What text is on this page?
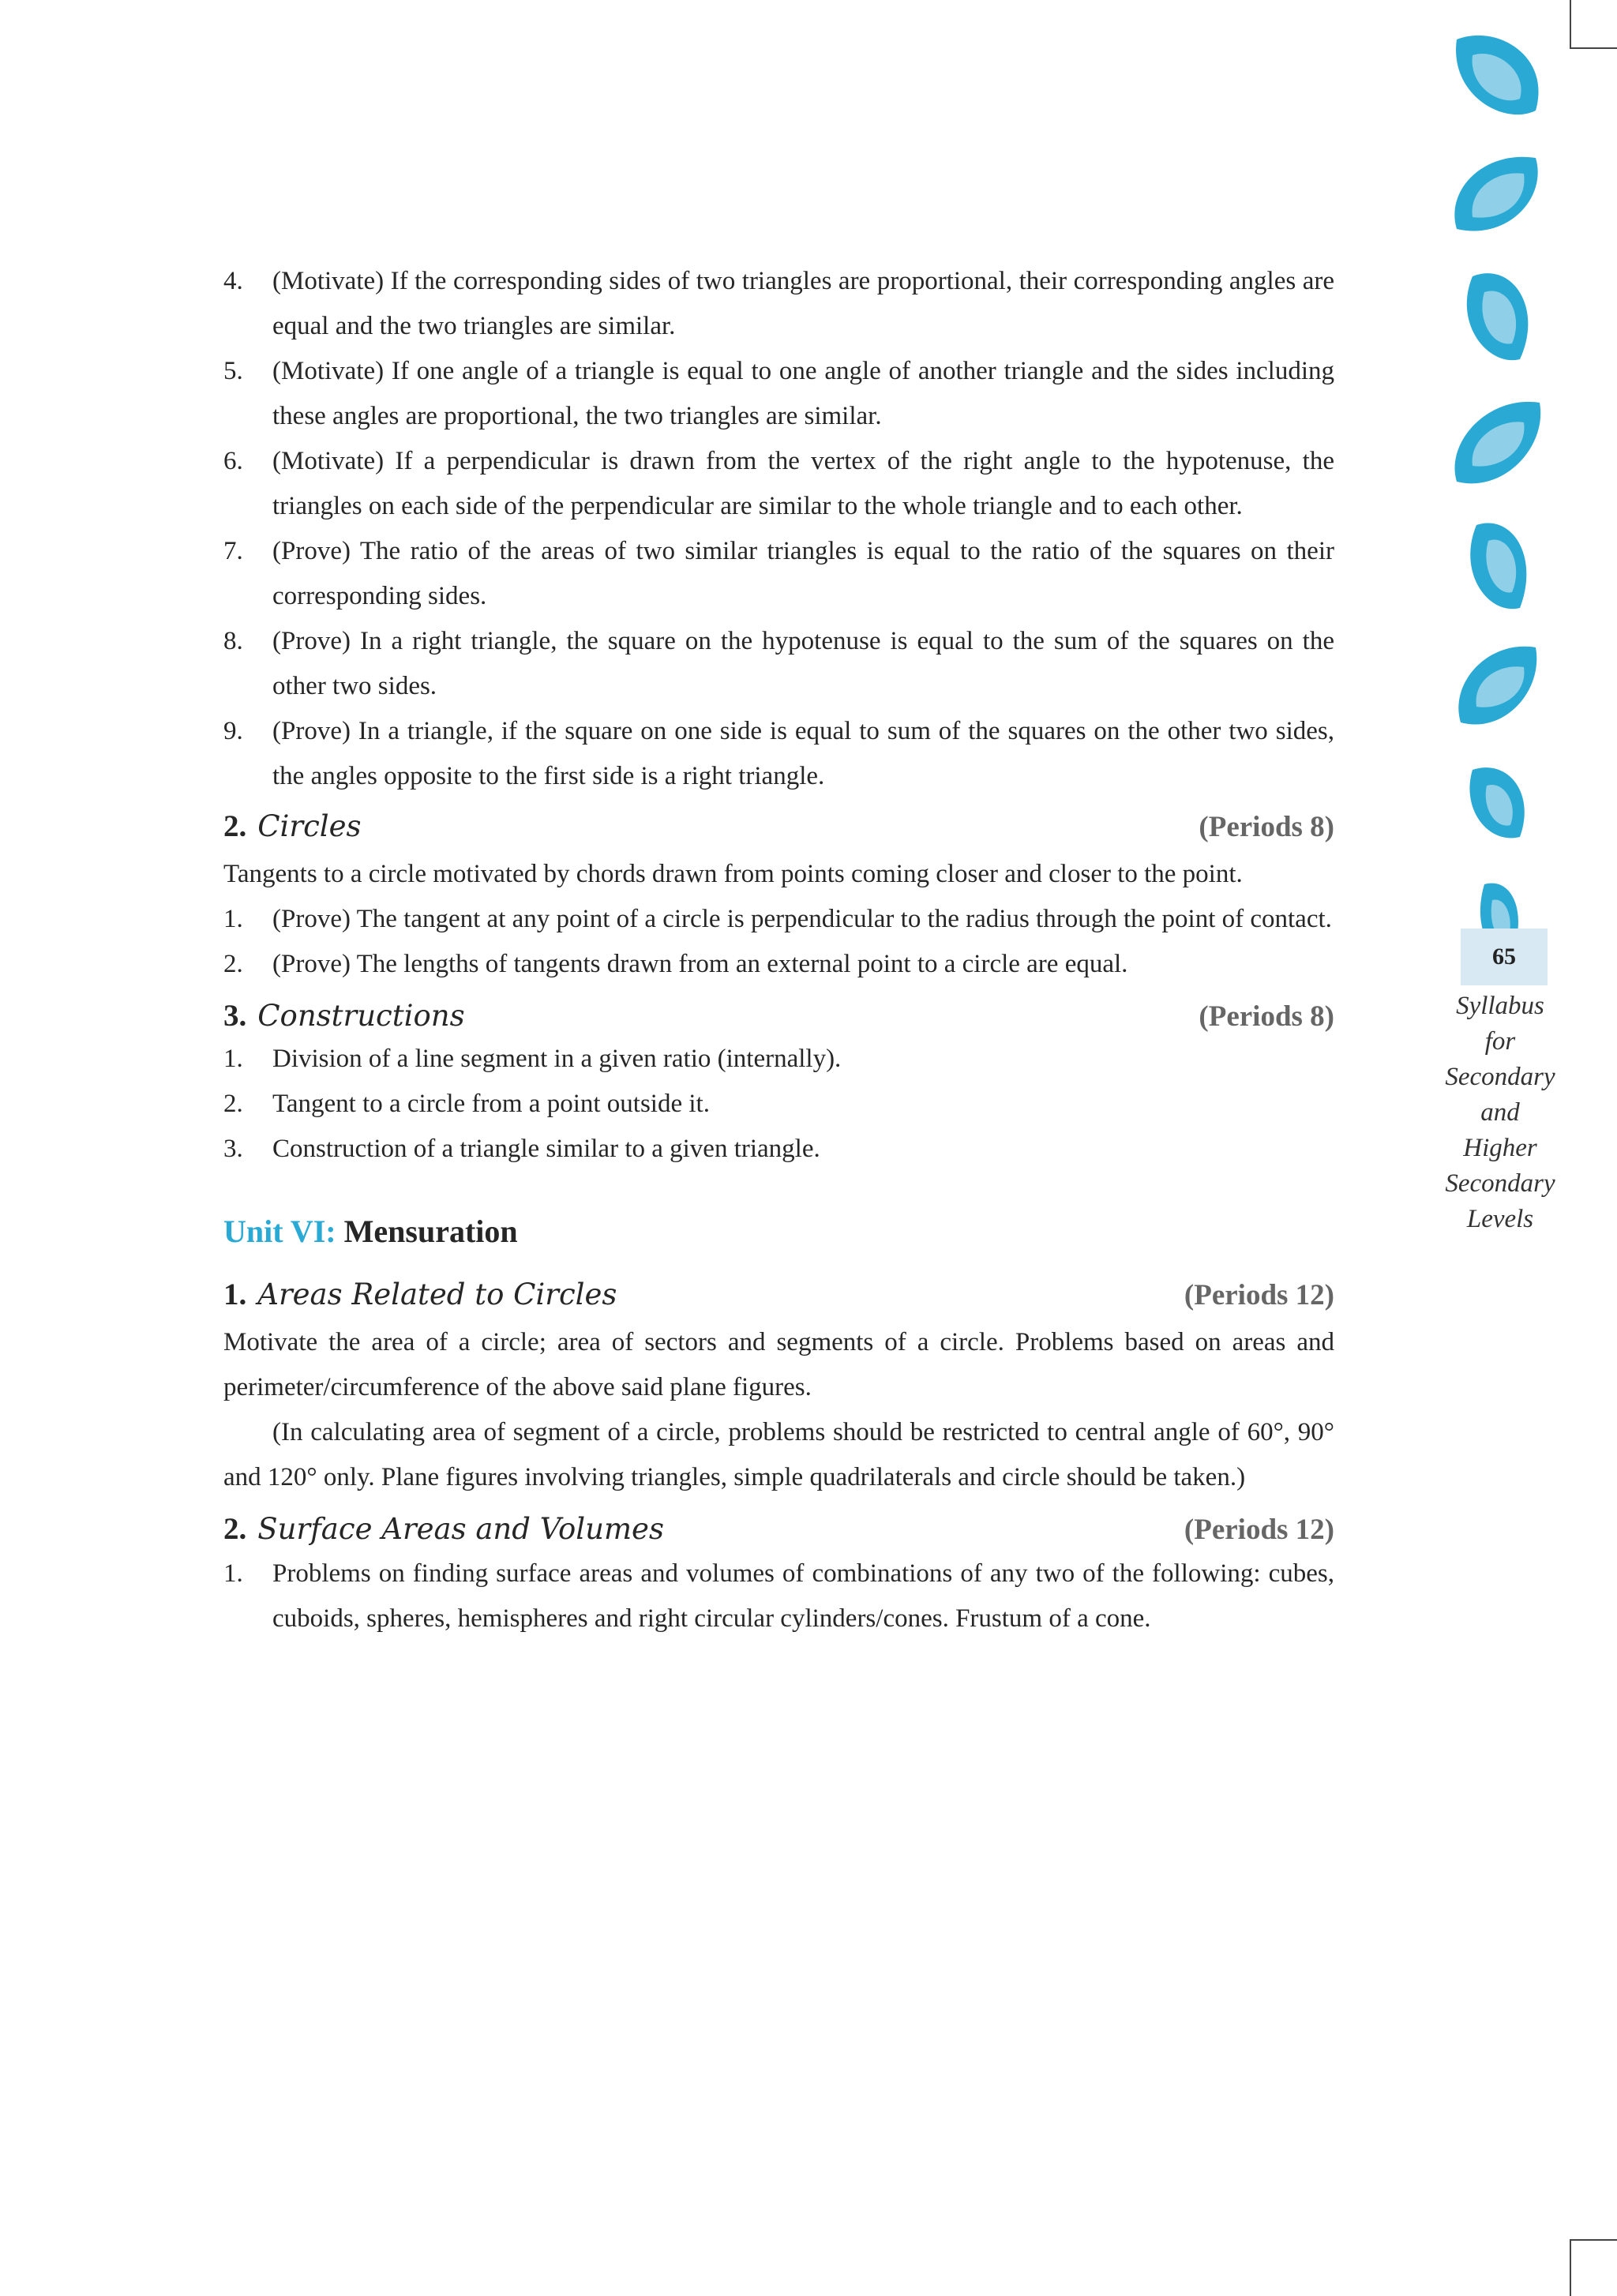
4.	(Motivate) If the corresponding sides of two triangles are proportional, their corresponding angles are equal and the two triangles are similar.
5.	(Motivate) If one angle of a triangle is equal to one angle of another triangle and the sides including these angles are proportional, the two triangles are similar.
6.	(Motivate) If a perpendicular is drawn from the vertex of the right angle to the hypotenuse, the triangles on each side of the perpendicular are similar to the whole triangle and to each other.
7.	(Prove) The ratio of the areas of two similar triangles is equal to the ratio of the squares on their corresponding sides.
8.	(Prove) In a right triangle, the square on the hypotenuse is equal to the sum of the squares on the other two sides.
9.	(Prove) In a triangle, if the square on one side is equal to sum of the squares on the other two sides, the angles opposite to the first side is a right triangle.
2. Circles	(Periods 8)

Tangents to a circle motivated by chords drawn from points coming closer and closer to the point.

1.	(Prove) The tangent at any point of a circle is perpendicular to the radius through the point of contact.
2.	(Prove) The lengths of tangents drawn from an external point to a circle are equal.
3. Constructions	(Periods 8)
1.	Division of a line segment in a given ratio (internally).
2.	Tangent to a circle from a point outside it.
3.	Construction of a triangle similar to a given triangle.
Unit VI: Mensuration
1. Areas Related to Circles	(Periods 12)

Motivate the area of a circle; area of sectors and segments of a circle. Problems based on areas and perimeter/circumference of the above said plane figures.

(In calculating area of segment of a circle, problems should be restricted to central angle of 60°, 90° and 120° only. Plane figures involving triangles, simple quadrilaterals and circle should be taken.)

2. Surface Areas and Volumes	(Periods 12)
1.	Problems on finding surface areas and volumes of combinations of any two of the following: cubes, cuboids, spheres, hemispheres and right circular cylinders/cones. Frustum of a cone.
65
Syllabus
for
Secondary
and
Higher
Secondary
Levels
